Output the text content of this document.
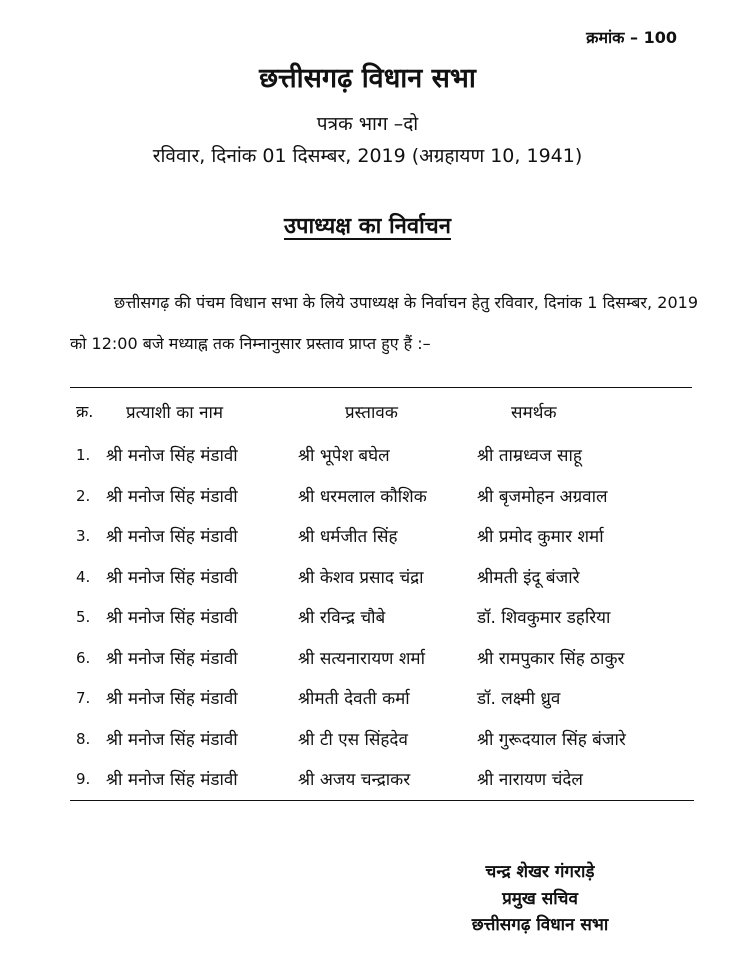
क्रमांक – 100
छत्तीसगढ़ विधान सभा
पत्रक भाग –दो
रविवार, दिनांक 01 दिसम्बर, 2019 (अग्रहायण 10, 1941)
उपाध्यक्ष का निर्वाचन
छत्तीसगढ़ की पंचम विधान सभा के लिये उपाध्यक्ष के निर्वाचन हेतु रविवार, दिनांक 1 दिसम्बर, 2019 को 12:00 बजे मध्याह्न तक निम्नानुसार प्रस्ताव प्राप्त हुए हैं :–
क्र. प्रत्याशी का नाम	प्रस्तावक	समर्थक
1. श्री मनोज सिंह मंडावी	श्री भूपेश बघेल	श्री ताम्रध्वज साहू
2. श्री मनोज सिंह मंडावी	श्री धरमलाल कौशिक	श्री बृजमोहन अग्रवाल
3. श्री मनोज सिंह मंडावी	श्री धर्मजीत सिंह	श्री प्रमोद कुमार शर्मा
4. श्री मनोज सिंह मंडावी	श्री केशव प्रसाद चंद्रा	श्रीमती इंदू बंजारे
5. श्री मनोज सिंह मंडावी	श्री रविन्द्र चौबे	डॉ. शिवकुमार डहरिया
6. श्री मनोज सिंह मंडावी	श्री सत्यनारायण शर्मा	श्री रामपुकार सिंह ठाकुर
7. श्री मनोज सिंह मंडावी	श्रीमती देवती कर्मा	डॉ. लक्ष्मी ध्रुव
8. श्री मनोज सिंह मंडावी	श्री टी एस सिंहदेव	श्री गुरूदयाल सिंह बंजारे
9. श्री मनोज सिंह मंडावी	श्री अजय चन्द्राकर	श्री नारायण चंदेल
चन्द्र शेखर गंगराड़े
प्रमुख सचिव
छत्तीसगढ़ विधान सभा
